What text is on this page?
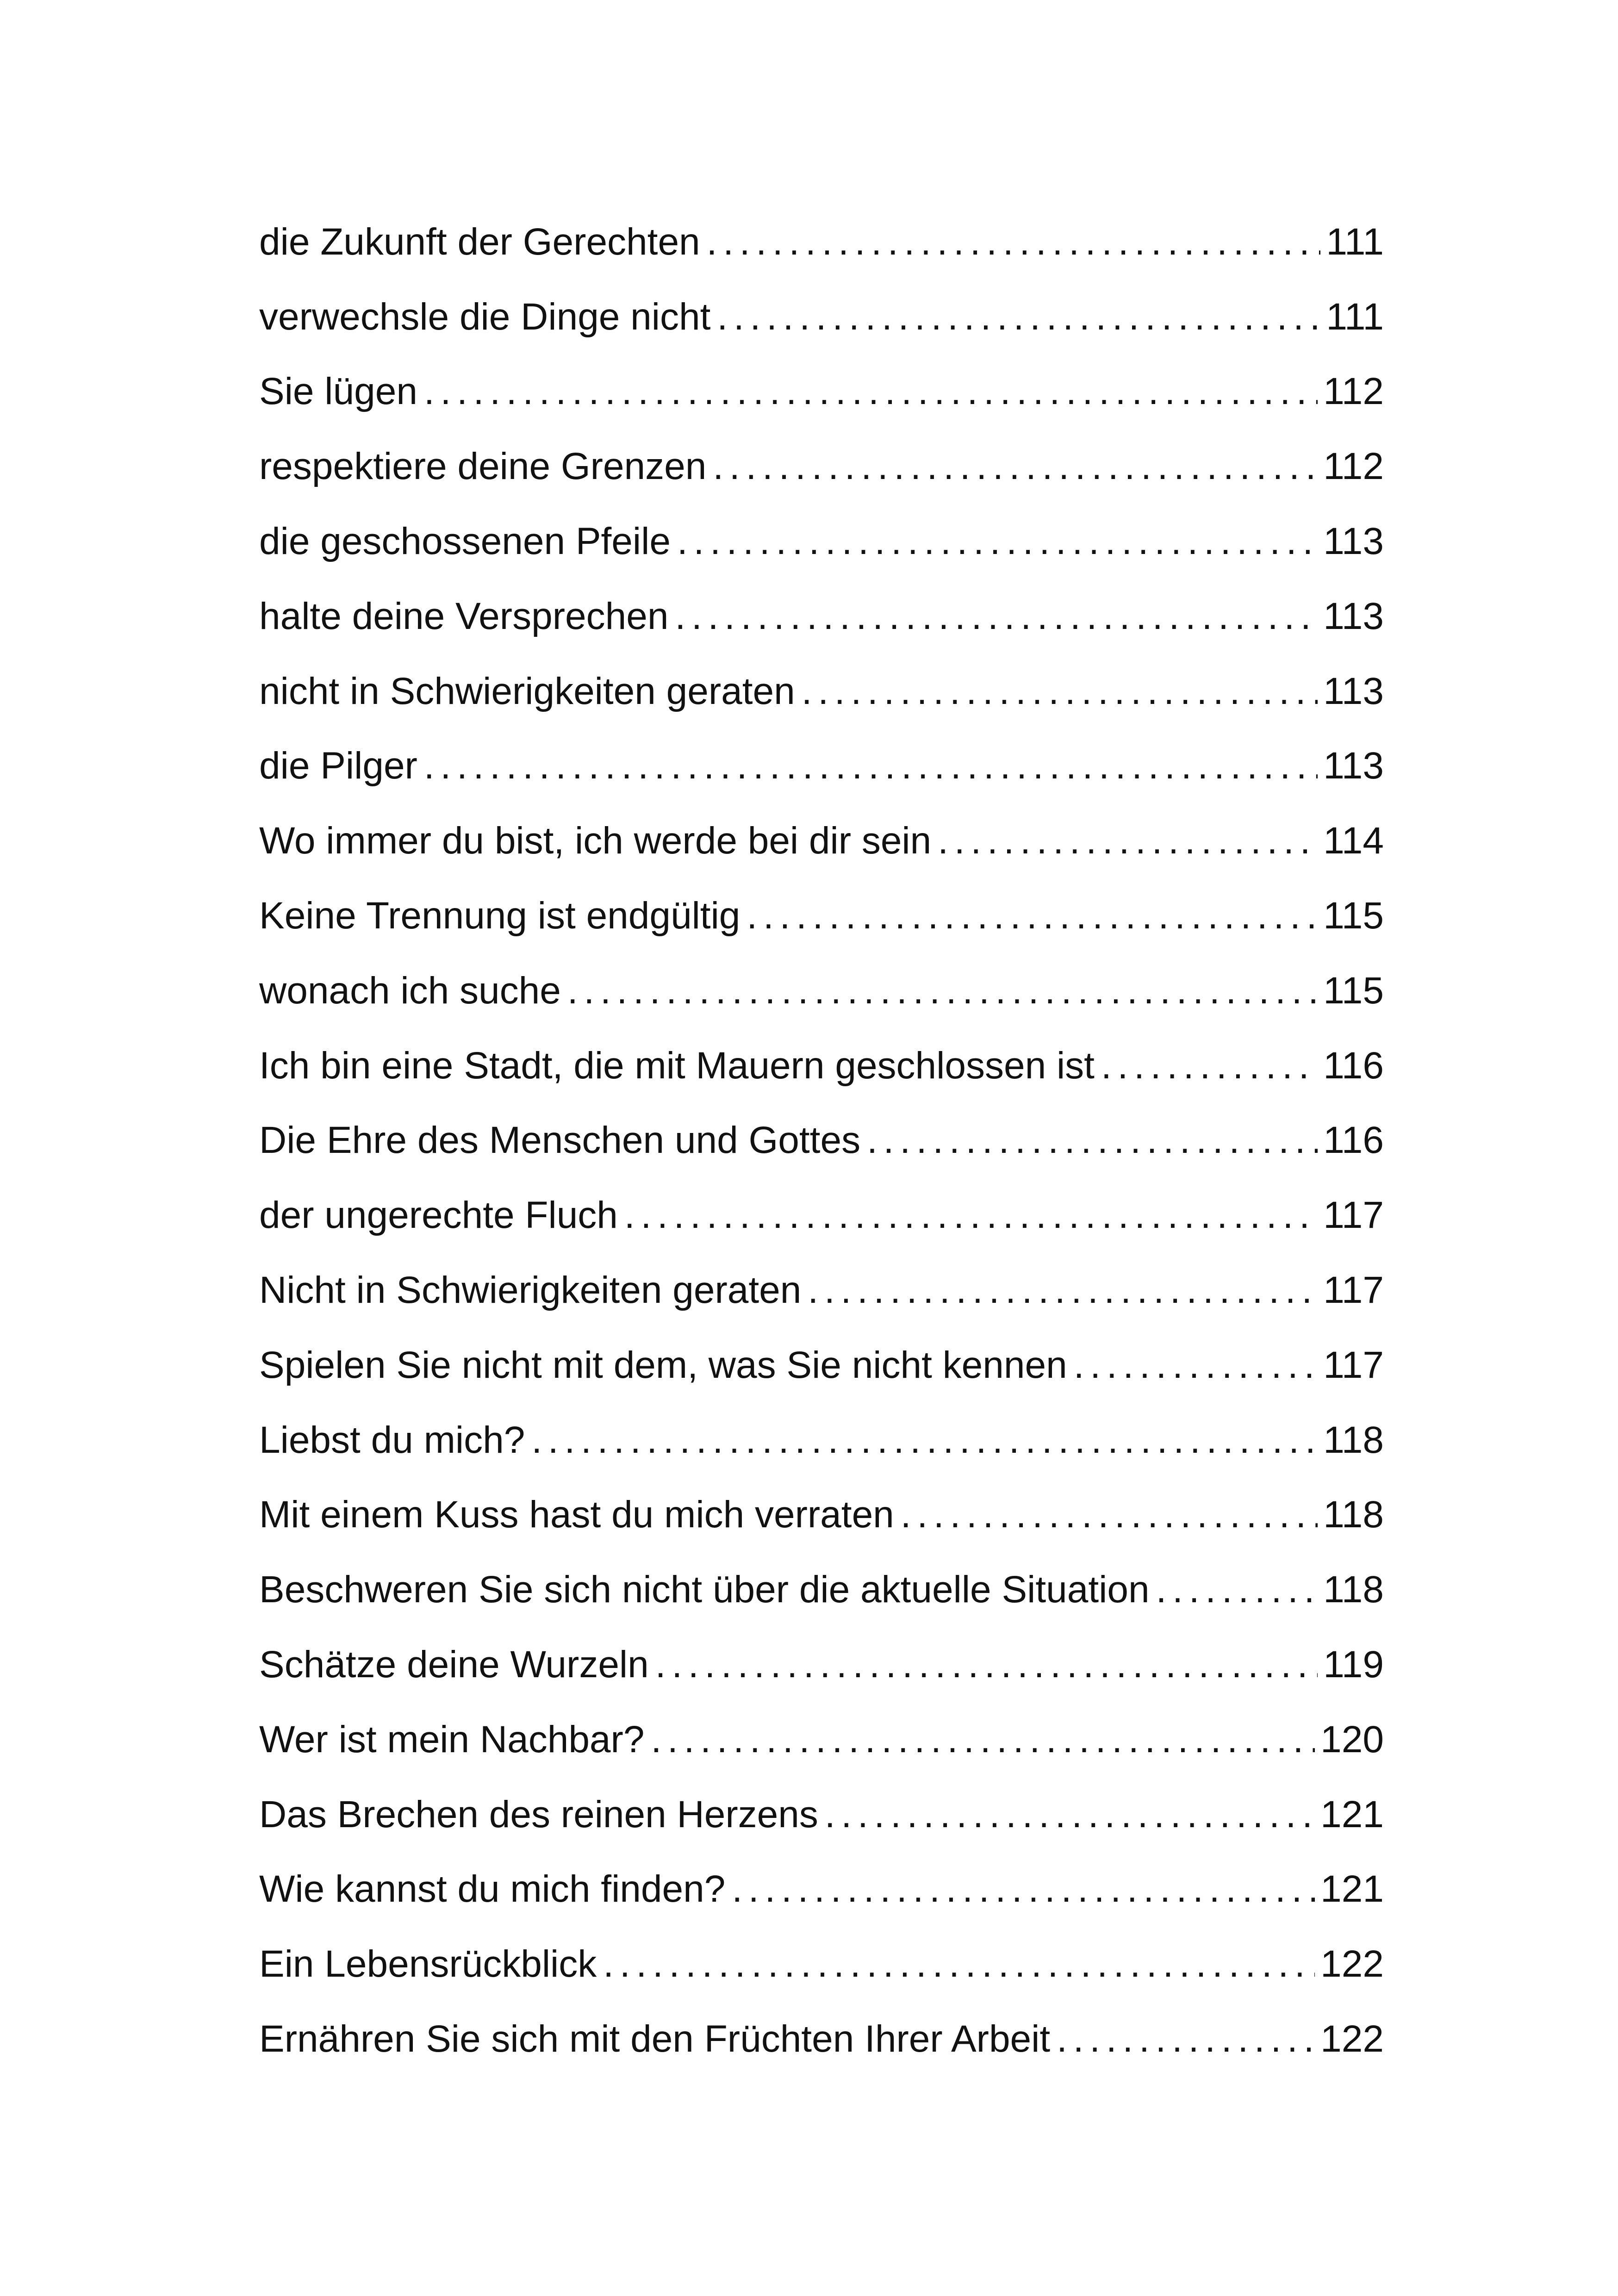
die Zukunft der Gerechten . . .	111
verwechsle die Dinge nicht . . .	111
Sie lügen . . .	112
respektiere deine Grenzen . . .	112
die geschossenen Pfeile . . .	113
halte deine Versprechen . . .	113
nicht in Schwierigkeiten geraten . . .	113
die Pilger . . .	113
Wo immer du bist, ich werde bei dir sein . . .	114
Keine Trennung ist endgültig . . .	115
wonach ich suche . . .	115
Ich bin eine Stadt, die mit Mauern geschlossen ist . . .	116
Die Ehre des Menschen und Gottes . . .	116
der ungerechte Fluch . . .	117
Nicht in Schwierigkeiten geraten . . .	117
Spielen Sie nicht mit dem, was Sie nicht kennen . . .	117
Liebst du mich? . . .	118
Mit einem Kuss hast du mich verraten . . .	118
Beschweren Sie sich nicht über die aktuelle Situation . . .	118
Schätze deine Wurzeln . . .	119
Wer ist mein Nachbar? . . .	120
Das Brechen des reinen Herzens . . .	121
Wie kannst du mich finden? . . .	121
Ein Lebensrückblick . . .	122
Ernähren Sie sich mit den Früchten Ihrer Arbeit . . .	122
